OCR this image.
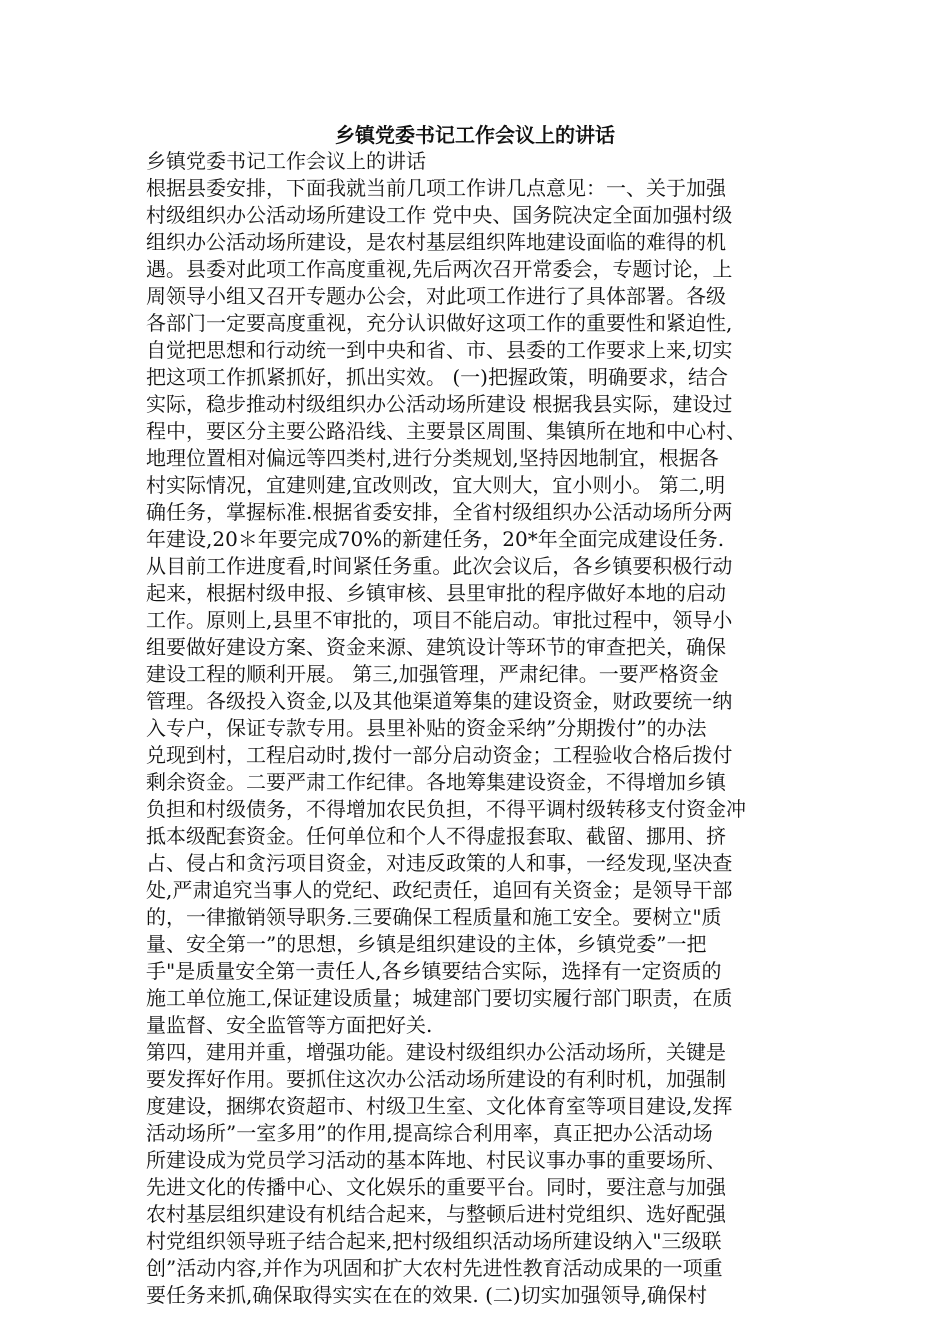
乡镇党委书记工作会议上的讲话
乡镇党委书记工作会议上的讲话
根据县委安排，下面我就当前几项工作讲几点意见：一、关于加强
村级组织办公活动场所建设工作 党中央、国务院决定全面加强村级
组织办公活动场所建设，是农村基层组织阵地建设面临的难得的机
遇。县委对此项工作高度重视,先后两次召开常委会，专题讨论，上
周领导小组又召开专题办公会，对此项工作进行了具体部署。各级
各部门一定要高度重视，充分认识做好这项工作的重要性和紧迫性,
自觉把思想和行动统一到中央和省、市、县委的工作要求上来,切实
把这项工作抓紧抓好，抓出实效。 (一)把握政策，明确要求，结合
实际，稳步推动村级组织办公活动场所建设 根据我县实际，建设过
程中，要区分主要公路沿线、主要景区周围、集镇所在地和中心村、
地理位置相对偏远等四类村,进行分类规划,坚持因地制宜，根据各
村实际情况，宜建则建,宜改则改，宜大则大，宜小则小。 第二,明
确任务，掌握标准.根据省委安排，全省村级组织办公活动场所分两
年建设,20＊年要完成70%的新建任务，20*年全面完成建设任务.
从目前工作进度看,时间紧任务重。此次会议后，各乡镇要积极行动
起来，根据村级申报、乡镇审核、县里审批的程序做好本地的启动
工作。原则上,县里不审批的，项目不能启动。审批过程中，领导小
组要做好建设方案、资金来源、建筑设计等环节的审查把关，确保
建设工程的顺利开展。 第三,加强管理，严肃纪律。一要严格资金
管理。各级投入资金,以及其他渠道筹集的建设资金，财政要统一纳
入专户，保证专款专用。县里补贴的资金采纳”分期拨付”的办法
兑现到村，工程启动时,拨付一部分启动资金；工程验收合格后拨付
剩余资金。二要严肃工作纪律。各地筹集建设资金，不得增加乡镇
负担和村级债务，不得增加农民负担，不得平调村级转移支付资金冲
抵本级配套资金。任何单位和个人不得虚报套取、截留、挪用、挤
占、侵占和贪污项目资金，对违反政策的人和事，一经发现,坚决查
处,严肃追究当事人的党纪、政纪责任，追回有关资金；是领导干部
的，一律撤销领导职务.三要确保工程质量和施工安全。要树立"质
量、安全第一”的思想，乡镇是组织建设的主体，乡镇党委”一把
手"是质量安全第一责任人,各乡镇要结合实际，选择有一定资质的
施工单位施工,保证建设质量；城建部门要切实履行部门职责，在质
量监督、安全监管等方面把好关.
第四，建用并重，增强功能。建设村级组织办公活动场所，关键是
要发挥好作用。要抓住这次办公活动场所建设的有利时机，加强制
度建设，捆绑农资超市、村级卫生室、文化体育室等项目建设,发挥
活动场所”一室多用”的作用,提高综合利用率，真正把办公活动场
所建设成为党员学习活动的基本阵地、村民议事办事的重要场所、
先进文化的传播中心、文化娱乐的重要平台。同时，要注意与加强
农村基层组织建设有机结合起来，与整顿后进村党组织、选好配强
村党组织领导班子结合起来,把村级组织活动场所建设纳入"三级联
创”活动内容,并作为巩固和扩大农村先进性教育活动成果的一项重
要任务来抓,确保取得实实在在的效果. (二)切实加强领导,确保村
